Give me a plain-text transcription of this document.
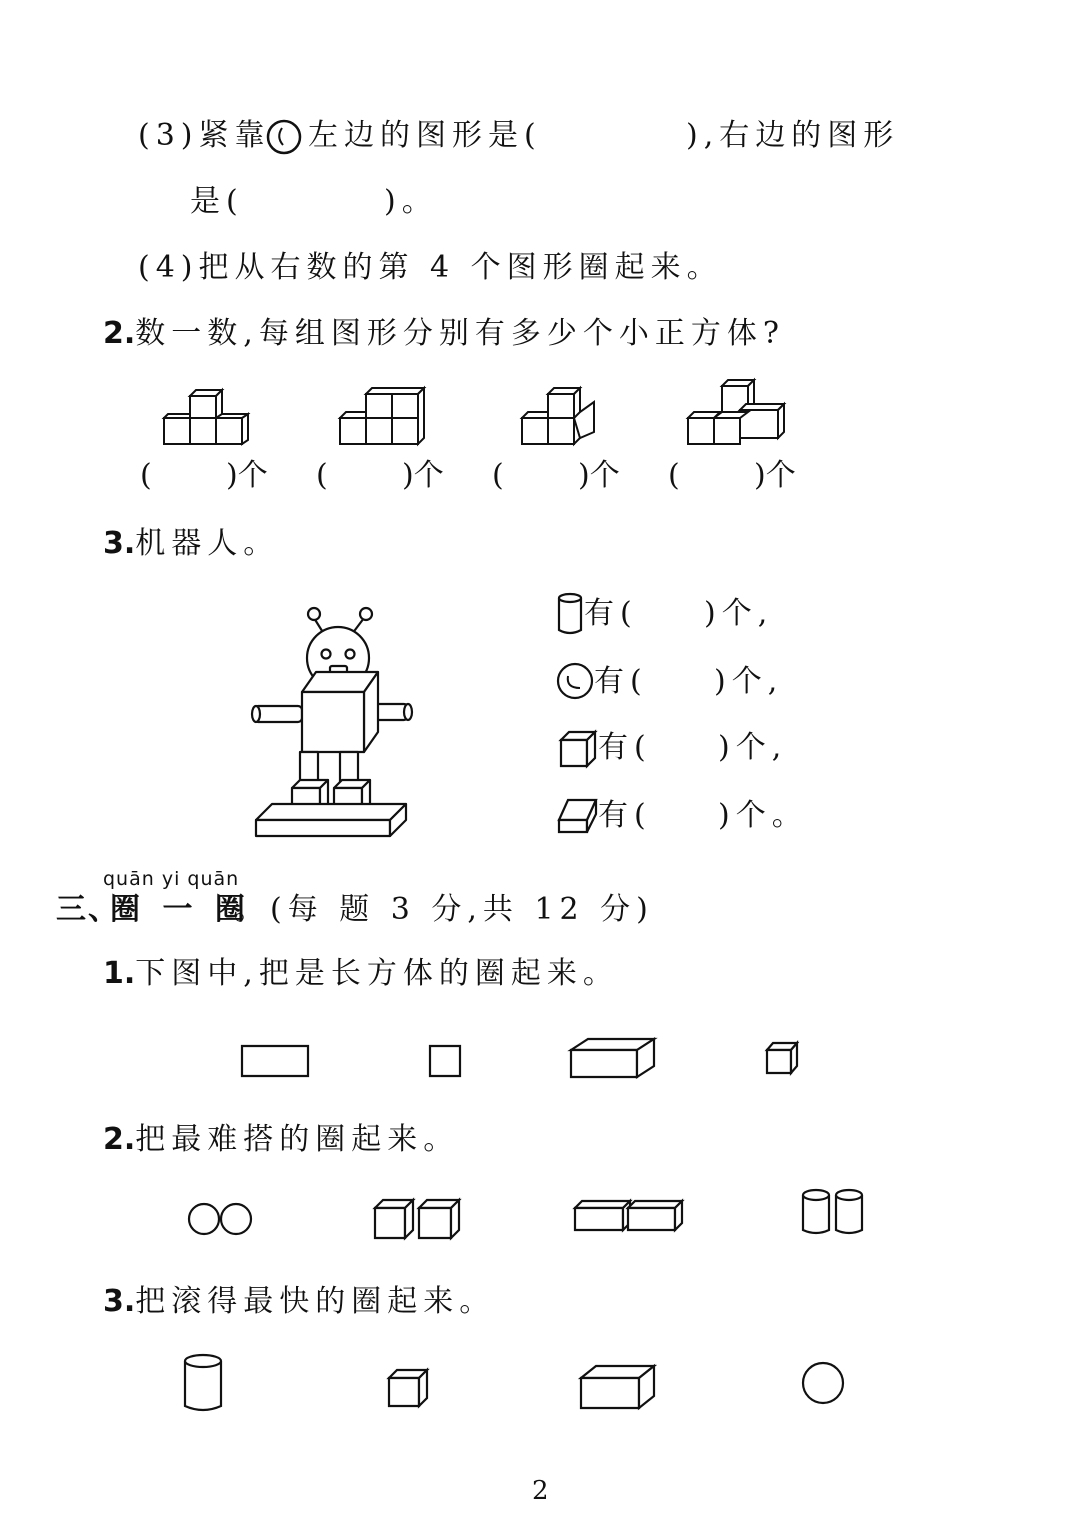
(3)紧靠 左边的图形是(	),右边的图形
是(	)。
(4)把从右数的第 4 个图形圈起来。
2.数一数,每组图形分别有多少个小正方体?
( )个 ( )个 ( )个 ( )个
3.机器人。
有( )个,
有( )个,
有( )个,
有( )个。
quān yi quān
三、
圈 一 圈
。(每 题 3 分,共 12 分)
1.下图中,把是长方体的圈起来。
2.把最难搭的圈起来。
3.把滚得最快的圈起来。
2
